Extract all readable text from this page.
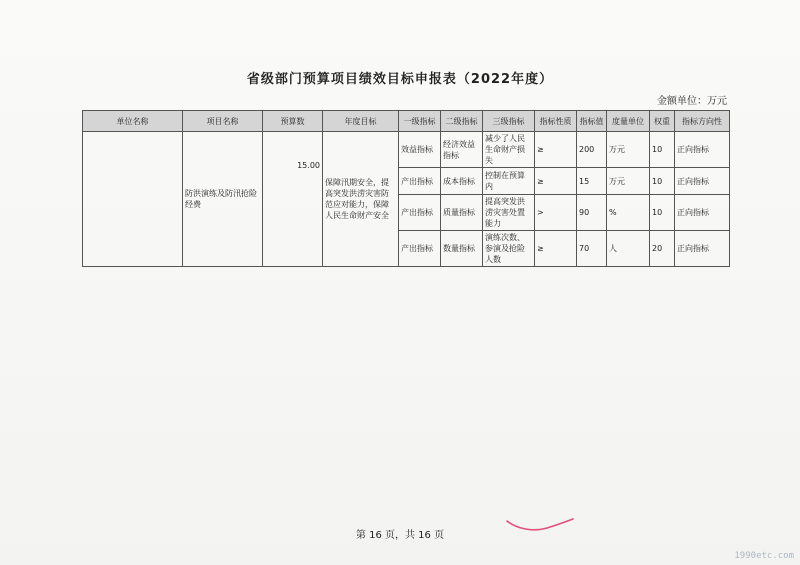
省级部门预算项目绩效目标申报表（2022年度）
金额单位：万元
单位名称	项目名称	预算数	年度目标	一级指标	二级指标	三级指标	指标性质	指标值	度量单位	权重	指标方向性
	防洪演练及防汛抢险经费	15.00	保障汛期安全，提高突发洪涝灾害防范应对能力，保障人民生命财产安全	效益指标	经济效益指标	减少了人民生命财产损失	≥	200	万元	10	正向指标
				产出指标	成本指标	控制在预算内	≥	15	万元	10	正向指标
				产出指标	质量指标	提高突发洪涝灾害处置能力	>	90	%	10	正向指标
				产出指标	数量指标	演练次数、参演及抢险人数	≥	70	人	20	正向指标
第 16 页，共 16 页
1990etc.com
